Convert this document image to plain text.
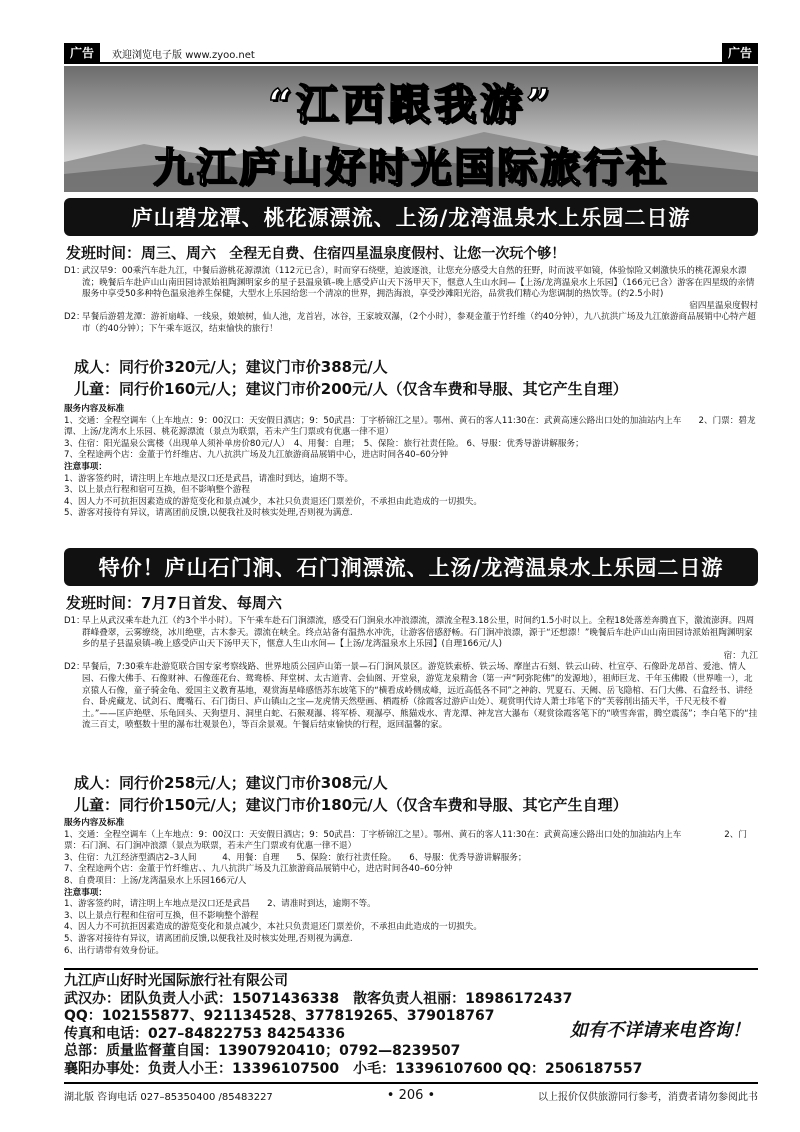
广告	欢迎浏览电子版 www.zyoo.net	广告
“江西跟我游”
九江庐山好时光国际旅行社
庐山碧龙潭、桃花源漂流、上汤/龙湾温泉水上乐园二日游
发班时间：周三、周六 全程无自费、住宿四星温泉度假村、让您一次玩个够！
D1：
武汉早9：00乘汽车赴九江，中餐后游桃花源漂流（112元已含），时而穿石绕壁，迫波逐浪，让您充分感受大自然的狂野，时而波平如镜，体验惊险又刺激快乐的桃花源泉水漂流；晚餐后车赴庐山山南田园诗派始祖陶渊明家乡的星子县温泉镇–晚上感受庐山天下汤甲天下，惬意人生山水间—【上汤/龙湾温泉水上乐园】（166元已含）游客在四星级的亲情服务中享受50多种特色温泉池养生保健，大型水上乐园给您一个清凉的世界，拥浩海浪，享受沙滩阳光浴，品赏我们精心为您调制的热饮等。(约2.5小时)
宿四星温泉度假村
D2：
早餐后游碧龙潭：游祈扇峰、一线泉，娘娘树，仙人池，龙首岩，冰谷，王家坡双瀑，（2个小时），参观金董于竹纤维（约40分钟），九八抗洪广场及九江旅游商品展销中心特产超市（约40分钟）；下午乘车返汉，结束愉快的旅行！
成人：同行价320元/人；建议门市价388元/人
儿童：同行价160元/人；建议门市价200元/人（仅含车费和导服、其它产生自理）
服务内容及标准
1、交通：全程空调车（上车地点：9：00汉口：天安假日酒店；9：50武昌：丁字桥锦江之星）。鄂州、黄石的客人11:30在：武黄高速公路出口处的加油站内上车　　2、门票：碧龙潭、上汤/龙湾水上乐园、桃花源漂流（景点为联票，若未产生门票或有优惠一律不退）
3、住宿：阳光温泉公寓楼（出现单人须补单房价80元/人）　4、用餐：自理；　5、保险：旅行社责任险。 6、导服：优秀导游讲解服务；
7、全程途两个店：金董于竹纤维店、九八抗洪广场及九江旅游商品展销中心，进店时间各40–60分钟
注意事项：
1、游客签约时，请注明上车地点是汉口还是武昌，请准时到达，逾期不等。
3、以上景点行程和宿可互换，但不影响整个游程
4、因人力不可抗拒因素造成的游览变化和景点减少，本社只负责退还门票差价，不承担由此造成的一切损失。
5、游客对接待有异议，请离团前反馈,以便我社及时核实处理,否则视为满意.
特价！庐山石门涧、石门涧漂流、上汤/龙湾温泉水上乐园二日游
发班时间：7月7日首发、每周六
D1：
早上从武汉乘车赴九江（约3个半小时）。下午乘车赴石门涧漂流，感受石门涧泉水冲浪漂流，漂流全程3.18公里，时间约1.5小时以上。全程18处落差奔腾直下，激流澎湃。四周群峰叠翠，云雾缭绕，冰川绝壁，古木参天。漂流在峡全。终点站备有温热水冲洗，让游客倍感舒畅。石门涧冲浪漂，源于“还想漂！”晚餐后车赴庐山山南田园诗派始祖陶渊明家乡的星子县温泉镇–晚上感受庐山天下汤甲天下，惬意人生山水间—【上汤/龙湾温泉水上乐园】(自理166元/人)
宿：九江
D2：
早餐后，7:30乘车赴游览联合国专家考察线路、世界地质公园庐山第一景—石门涧风景区。游览铁索桥、铁云场、摩崖古石刻、铁云山砖、杜宣亭、石像卧龙昂首、爱池、情人园、石像大佛手、石像财神、石像莲花台、鸳鸯桥、拜堂树、太古道青、会仙阁、开堂泉，游览龙泉精舍（第一声“阿弥陀佛”的发源地），祖师巨龙、千年玉佛殿（世界唯一），北京猿人石像，童子骑金龟、爱国主义教育基地，观赏海星峰感悟苏东坡笔下的“横看成岭侧成峰，远近高低各不同”之神韵、咒夏石、天阙、岳飞隐棺、石门大佛、石盒经书、讲经台、卧虎藏龙、试剑石、鹰嘴石、石门街日、庐山镇山之宝—龙虎情天然壁画、栖霞桥（徐霞客过游庐山处）、观赏明代诗人萧士玮笔下的“芙蓉削出插天半，千尺无枝不着土。”——匡庐绝壁、乐龟回头、天狗望月、洞里白蛇、石猴观瀑、将军桥、观瀑亭、熊猫戏水、青龙潭、神龙宫大瀑布（观赏徐霞客笔下的“喷雪奔雷，腾空震荡”；李白笔下的“挂流三百丈，喷壑数十里的瀑布壮观景色），等百余景观。午餐后结束愉快的行程，返回温馨的家。
成人：同行价258元/人；建议门市价308元/人
儿童：同行价150元/人；建议门市价180元/人（仅含车费和导服、其它产生自理）
服务内容及标准
1、交通：全程空调车（上车地点：9：00汉口：天安假日酒店；9：50武昌：丁字桥锦江之星）。鄂州、黄石的客人11:30在：武黄高速公路出口处的加油站内上车　　　　　2、门票：石门涧、石门涧冲浪漂（景点为联票，若未产生门票或有优惠一律不退）
3、住宿：九江经济型酒店2–3人间　　　4、用餐：自理　　5、保险：旅行社责任险。　　6、导服：优秀导游讲解服务；
7、全程途两个店：金董于竹纤维店、、九八抗洪广场及九江旅游商品展销中心，进店时间各40–60分钟
8、自费项目：上汤/龙湾温泉水上乐园166元/人
注意事项：
1、游客签约时，请注明上车地点是汉口还是武昌　　2、请准时到达，逾期不等。
3、以上景点行程和住宿可互换，但不影响整个游程
4、因人力不可抗拒因素造成的游览变化和景点减少，本社只负责退还门票差价，不承担由此造成的一切损失。
5、游客对接待有异议，请离团前反馈,以便我社及时核实处理,否则视为满意.
6、出行请带有效身份证。
九江庐山好时光国际旅行社有限公司
武汉办：团队负责人小武：15071436338　散客负责人祖丽：18986172437
QQ：102155877、921134528、377819265、379018767
传真和电话：027–84822753 84254336
总部：质量监督董自国：13907920410；0792—8239507
襄阳办事处：负责人小王：13396107500　小毛：13396107600 QQ：2506187557
如有不详请来电咨询！
湖北版 咨询电话 027–85350400 /85483227	• 206 •	以上报价仅供旅游同行参考，消费者请勿参阅此书
